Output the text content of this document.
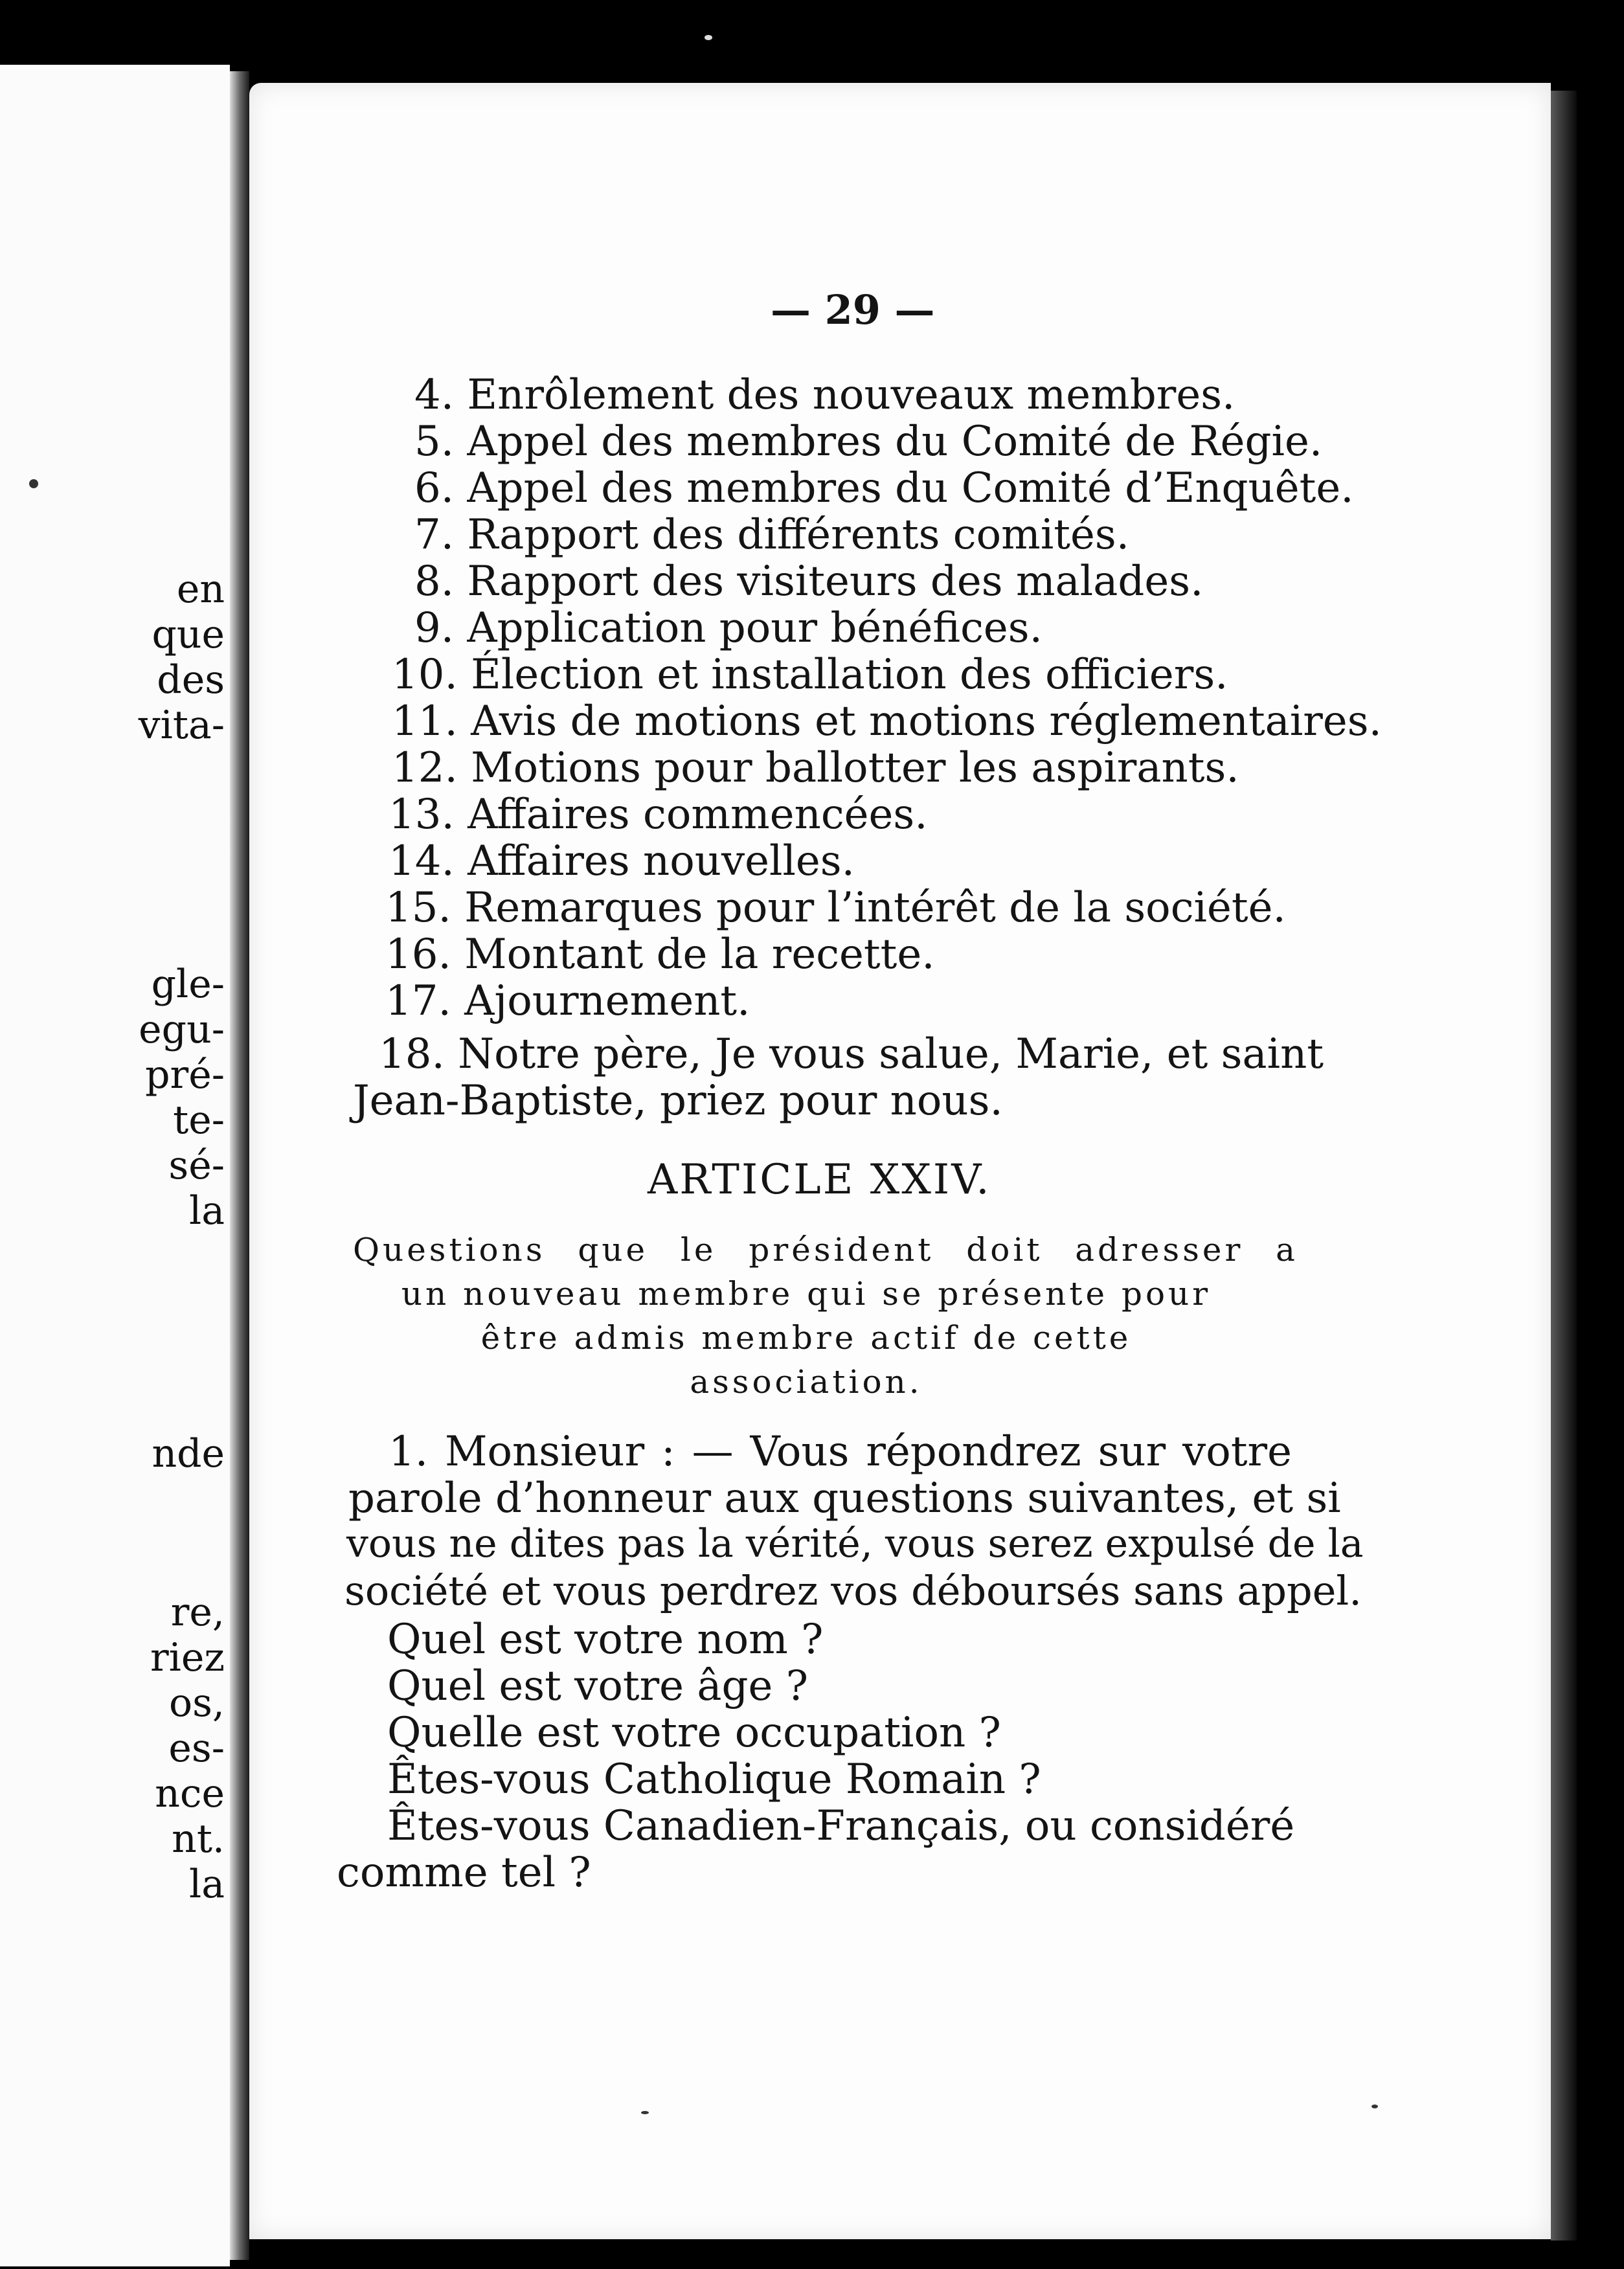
en
que
des
vita-
gle-
egu-
pré-
te-
sé-
la
nde
re,
riez
os,
es-
nce
nt.
la
— 29 —
4. Enrôlement des nouveaux membres.
5. Appel des membres du Comité de Régie.
6. Appel des membres du Comité d’Enquête.
7. Rapport des différents comités.
8. Rapport des visiteurs des malades.
9. Application pour bénéfices.
10. Élection et installation des officiers.
11. Avis de motions et motions réglementaires.
12. Motions pour ballotter les aspirants.
13. Affaires commencées.
14. Affaires nouvelles.
15. Remarques pour l’intérêt de la société.
16. Montant de la recette.
17. Ajournement.
18. Notre père, Je vous salue, Marie, et saint
Jean-Baptiste, priez pour nous.
ARTICLE XXIV.
Questions que le président doit adresser a
un nouveau membre qui se présente pour
être admis membre actif de cette
association.
1. Monsieur : — Vous répondrez sur votre
parole d’honneur aux questions suivantes, et si
vous ne dites pas la vérité, vous serez expulsé de la
société et vous perdrez vos déboursés sans appel.
Quel est votre nom ?
Quel est votre âge ?
Quelle est votre occupation ?
Êtes-vous Catholique Romain ?
Êtes-vous Canadien-Français, ou considéré
comme tel ?
